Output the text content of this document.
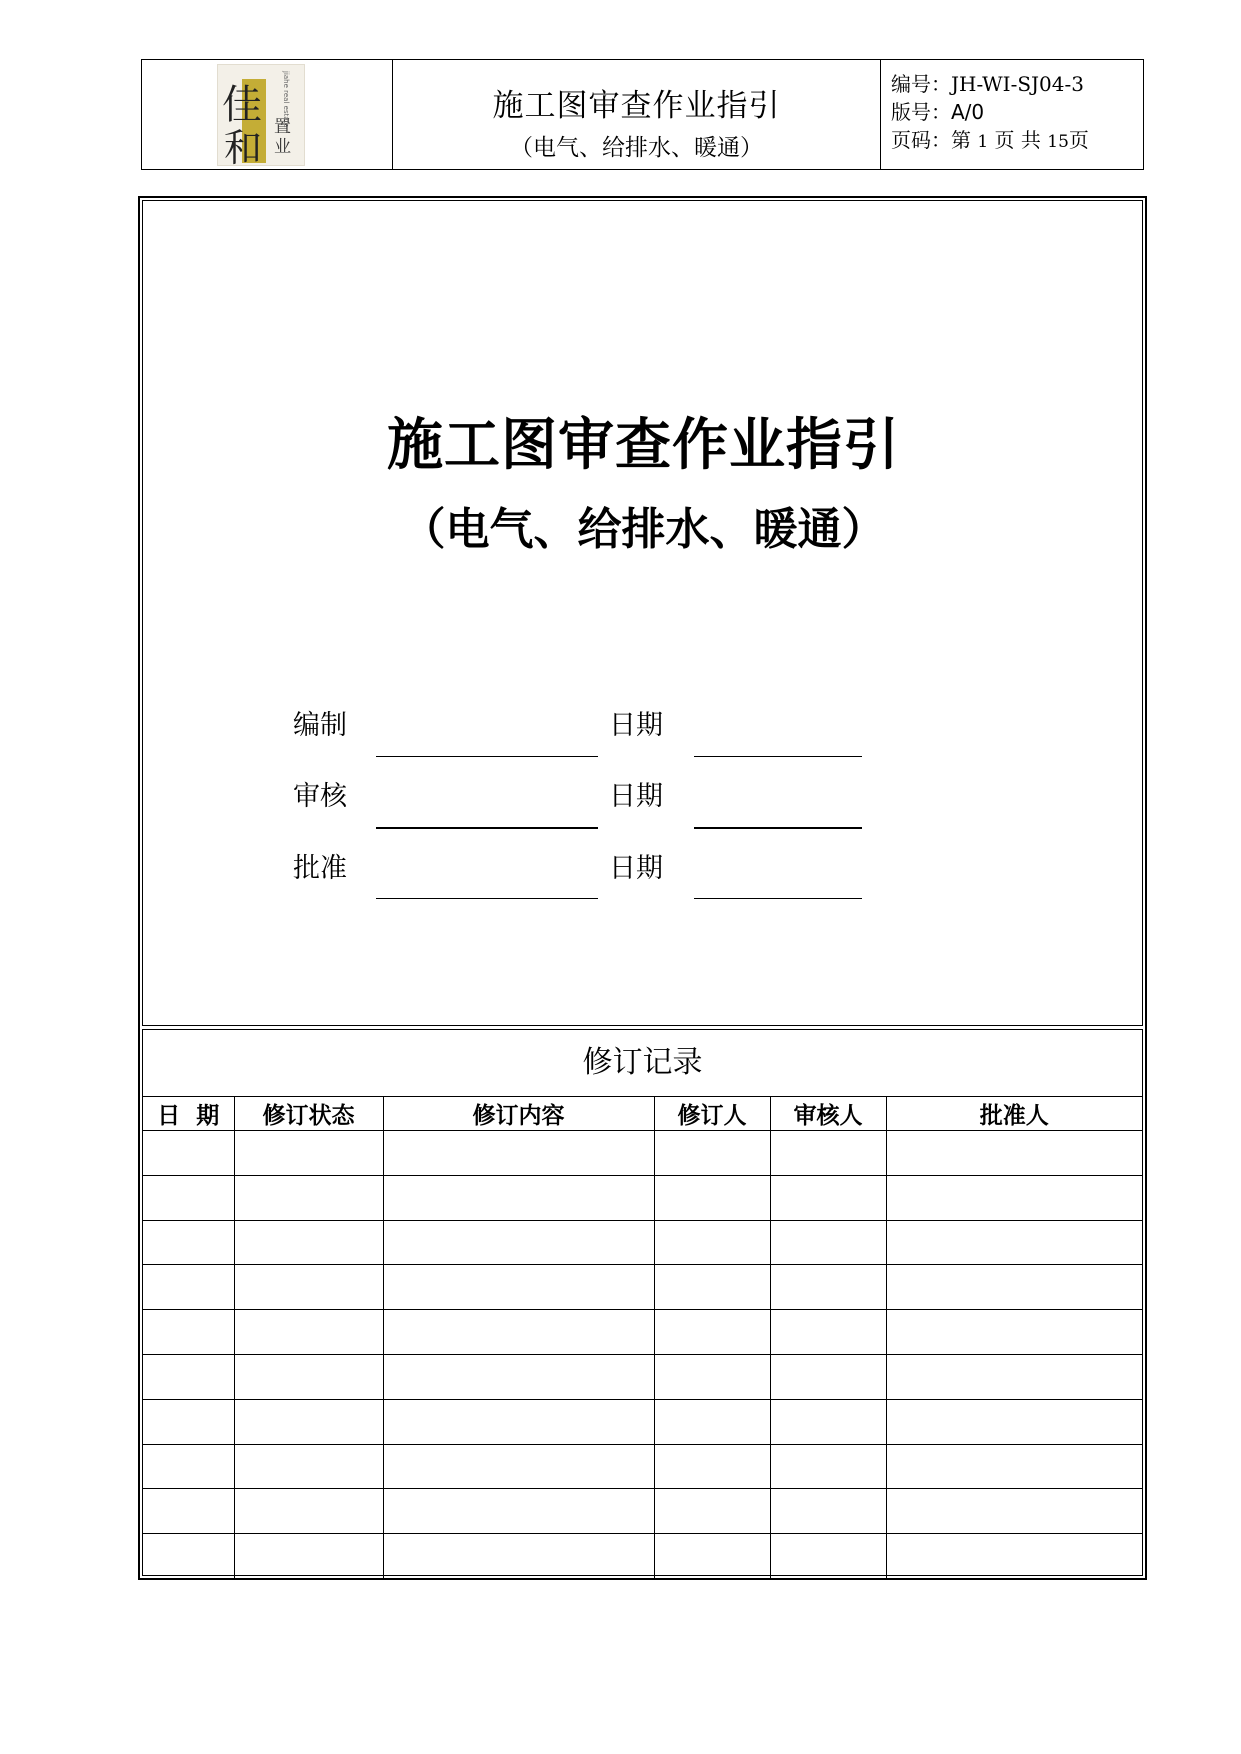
佳
和 置业
jiahe real estate	施工图审查作业指引
（电气、给排水、暖通）
编号：JH-WI-SJ04-3
版号：A/0
页码：第 1 页 共 15页
施工图审查作业指引
（电气、给排水、暖通）
编制	日期
审核	日期
批准	日期
修订记录
日  期	修订状态	修订内容	修订人	审核人	批准人
